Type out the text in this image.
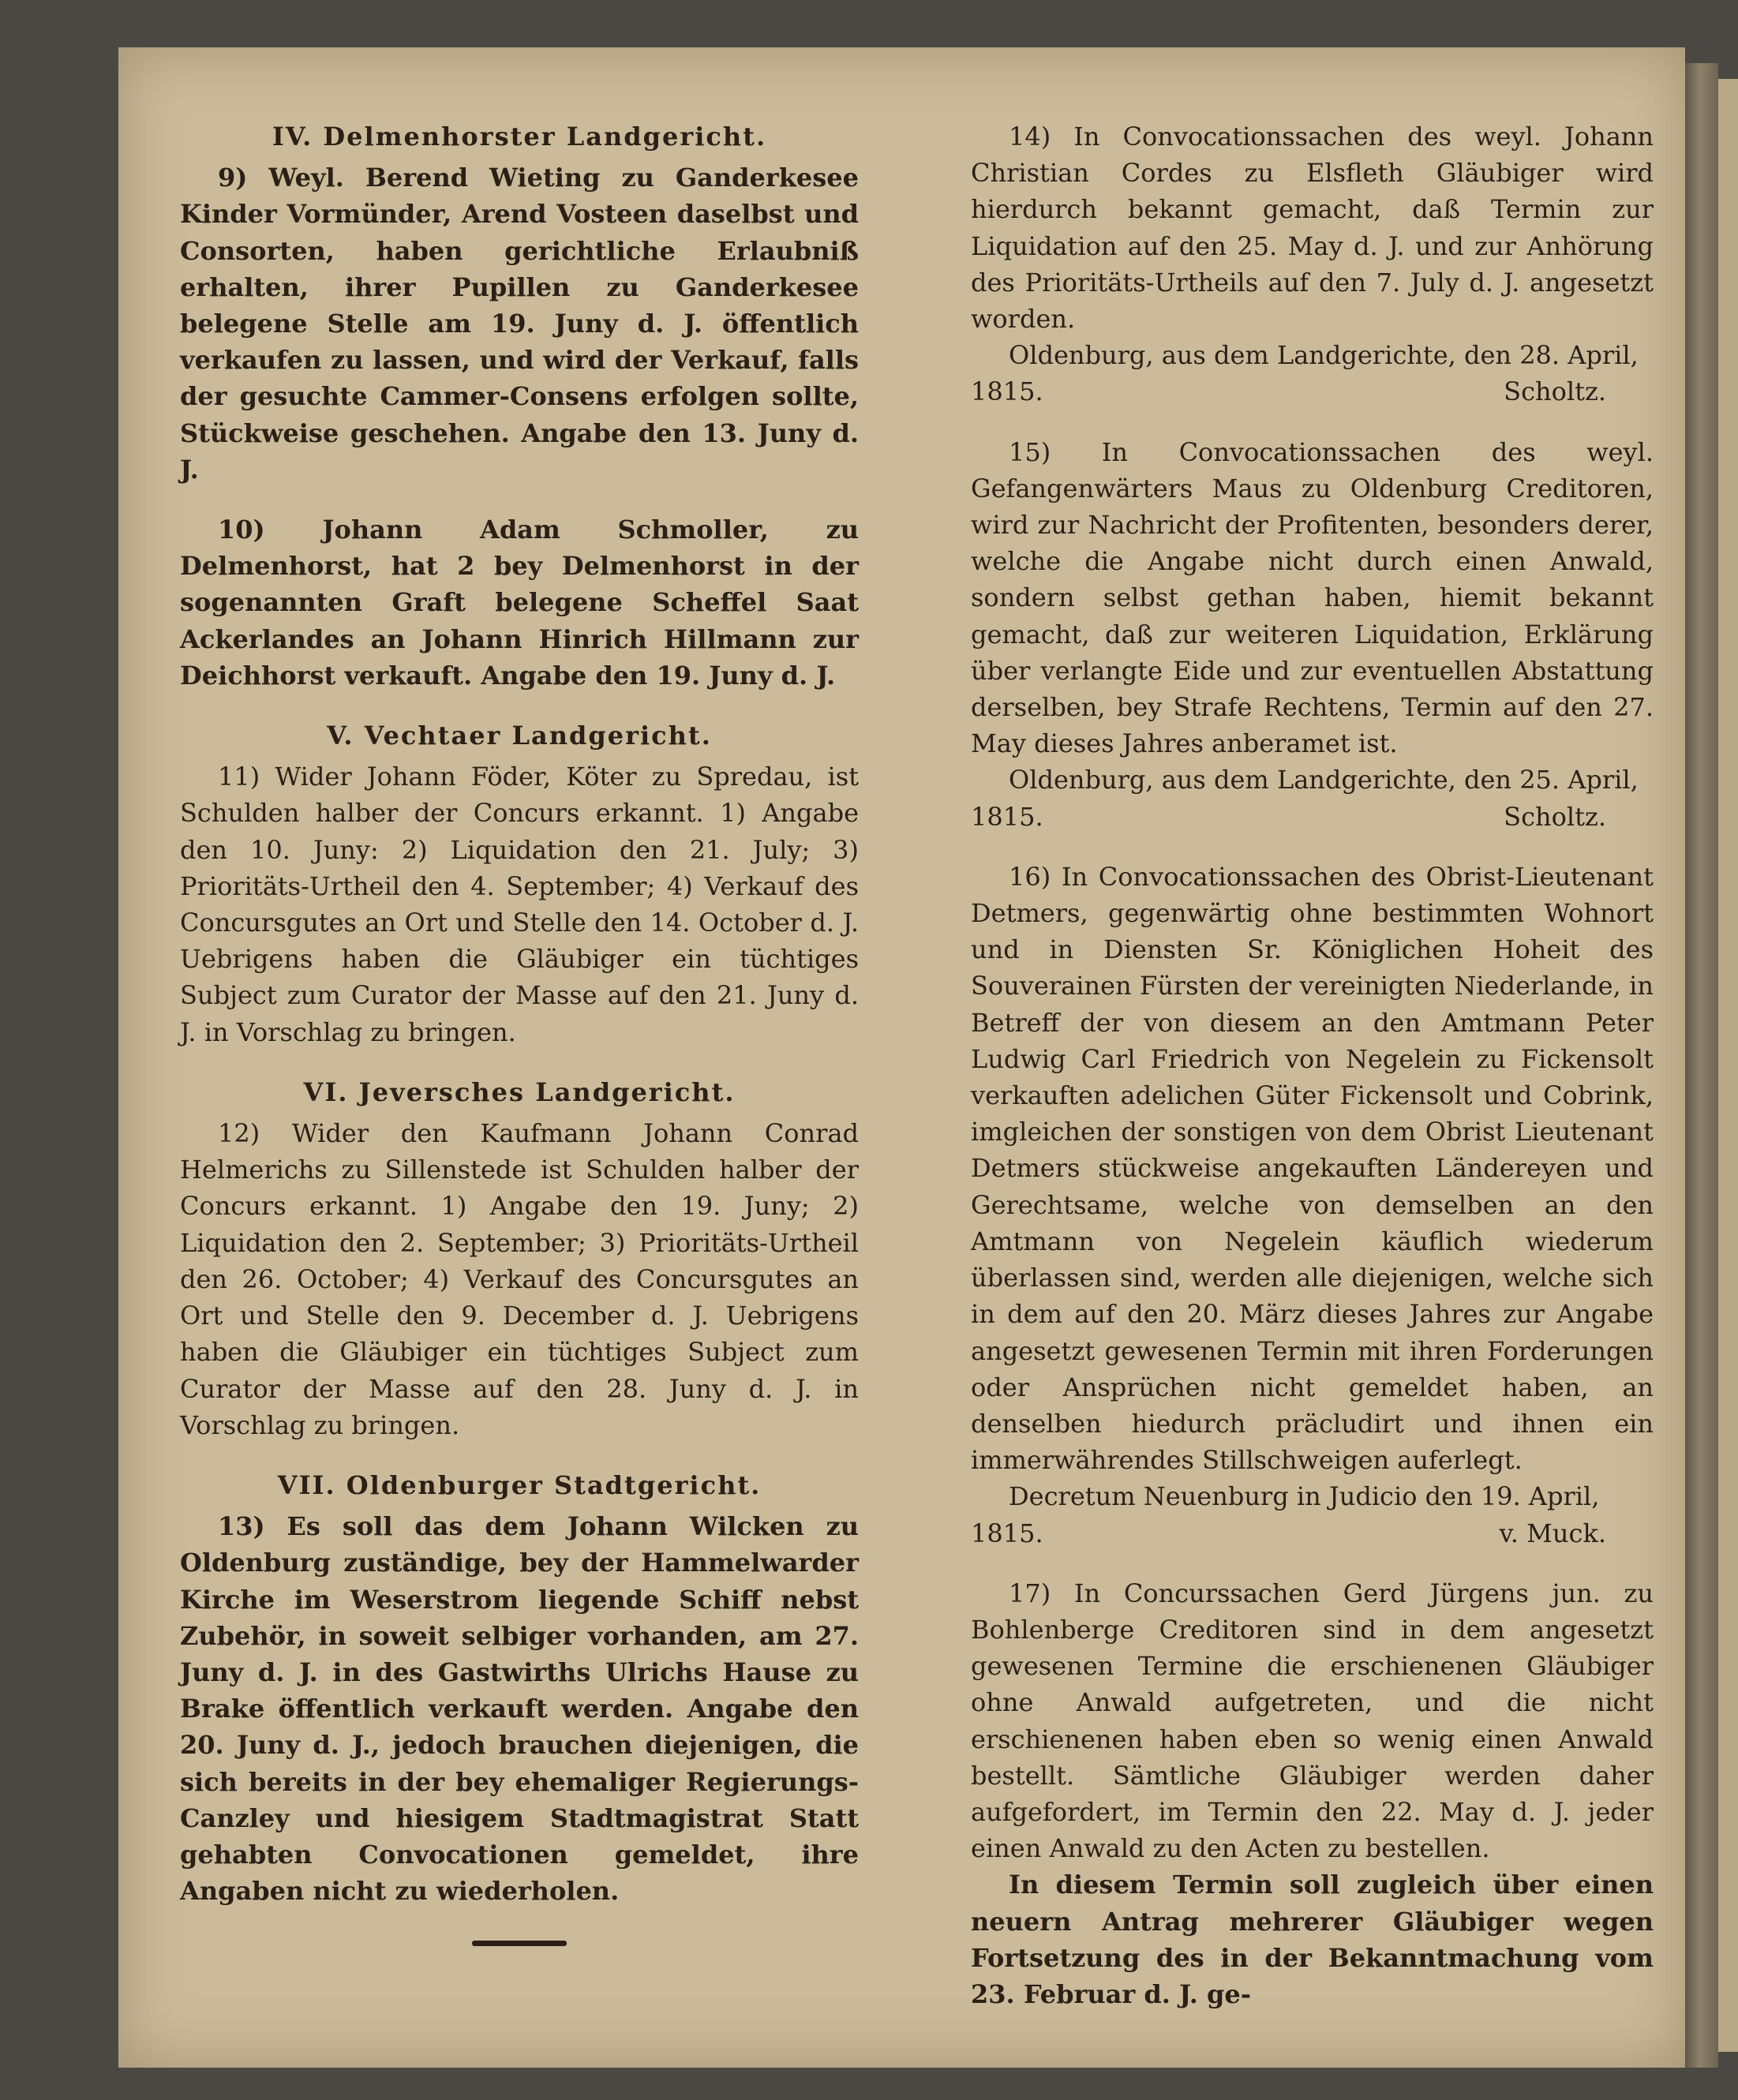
IV. Delmenhorster Landgericht.

9) Weyl. Berend Wieting zu Ganderkesee Kinder Vormünder, Arend Vosteen daselbst und Consorten, haben gerichtliche Erlaubniß erhalten, ihrer Pupillen zu Ganderkesee belegene Stelle am 19. Juny d. J. öffentlich verkaufen zu lassen, und wird der Verkauf, falls der gesuchte Cammer-Consens erfolgen sollte, Stückweise geschehen. Angabe den 13. Juny d. J.

10) Johann Adam Schmoller, zu Delmenhorst, hat 2 bey Delmenhorst in der sogenannten Graft belegene Scheffel Saat Ackerlandes an Johann Hinrich Hillmann zur Deichhorst verkauft. Angabe den 19. Juny d. J.

V. Vechtaer Landgericht.

11) Wider Johann Föder, Köter zu Spredau, ist Schulden halber der Concurs erkannt. 1) Angabe den 10. Juny: 2) Liquidation den 21. July; 3) Prioritäts-Urtheil den 4. September; 4) Verkauf des Concursgutes an Ort und Stelle den 14. October d. J. Uebrigens haben die Gläubiger ein tüchtiges Subject zum Curator der Masse auf den 21. Juny d. J. in Vorschlag zu bringen.

VI. Jeversches Landgericht.

12) Wider den Kaufmann Johann Conrad Helmerichs zu Sillenstede ist Schulden halber der Concurs erkannt. 1) Angabe den 19. Juny; 2) Liquidation den 2. September; 3) Prioritäts-Urtheil den 26. October; 4) Verkauf des Concursgutes an Ort und Stelle den 9. December d. J. Uebrigens haben die Gläubiger ein tüchtiges Subject zum Curator der Masse auf den 28. Juny d. J. in Vorschlag zu bringen.

VII. Oldenburger Stadtgericht.

13) Es soll das dem Johann Wilcken zu Oldenburg zuständige, bey der Hammelwarder Kirche im Weserstrom liegende Schiff nebst Zubehör, in soweit selbiger vorhanden, am 27. Juny d. J. in des Gastwirths Ulrichs Hause zu Brake öffentlich verkauft werden. Angabe den 20. Juny d. J., jedoch brauchen diejenigen, die sich bereits in der bey ehemaliger Regierungs-Canzley und hiesigem Stadtmagistrat Statt gehabten Convocationen gemeldet, ihre Angaben nicht zu wiederholen.

14) In Convocationssachen des weyl. Johann Christian Cordes zu Elsfleth Gläubiger wird hierdurch bekannt gemacht, daß Termin zur Liquidation auf den 25. May d. J. und zur Anhörung des Prioritäts-Urtheils auf den 7. July d. J. angesetzt worden.

Oldenburg, aus dem Landgerichte, den 28. April,

1815.	Scholtz.

15) In Convocationssachen des weyl. Gefangenwärters Maus zu Oldenburg Creditoren, wird zur Nachricht der Profitenten, besonders derer, welche die Angabe nicht durch einen Anwald, sondern selbst gethan haben, hiemit bekannt gemacht, daß zur weiteren Liquidation, Erklärung über verlangte Eide und zur eventuellen Abstattung derselben, bey Strafe Rechtens, Termin auf den 27. May dieses Jahres anberamet ist.

Oldenburg, aus dem Landgerichte, den 25. April,

1815.	Scholtz.

16) In Convocationssachen des Obrist-Lieutenant Detmers, gegenwärtig ohne bestimmten Wohnort und in Diensten Sr. Königlichen Hoheit des Souverainen Fürsten der vereinigten Niederlande, in Betreff der von diesem an den Amtmann Peter Ludwig Carl Friedrich von Negelein zu Fickensolt verkauften adelichen Güter Fickensolt und Cobrink, imgleichen der sonstigen von dem Obrist Lieutenant Detmers stückweise angekauften Ländereyen und Gerechtsame, welche von demselben an den Amtmann von Negelein käuflich wiederum überlassen sind, werden alle diejenigen, welche sich in dem auf den 20. März dieses Jahres zur Angabe angesetzt gewesenen Termin mit ihren Forderungen oder Ansprüchen nicht gemeldet haben, an denselben hiedurch präcludirt und ihnen ein immerwährendes Stillschweigen auferlegt.

Decretum Neuenburg in Judicio den 19. April,

1815.	v. Muck.

17) In Concurssachen Gerd Jürgens jun. zu Bohlenberge Creditoren sind in dem angesetzt gewesenen Termine die erschienenen Gläubiger ohne Anwald aufgetreten, und die nicht erschienenen haben eben so wenig einen Anwald bestellt. Sämtliche Gläubiger werden daher aufgefordert, im Termin den 22. May d. J. jeder einen Anwald zu den Acten zu bestellen.

In diesem Termin soll zugleich über einen neuern Antrag mehrerer Gläubiger wegen Fortsetzung des in der Bekanntmachung vom 23. Februar d. J. ge-
